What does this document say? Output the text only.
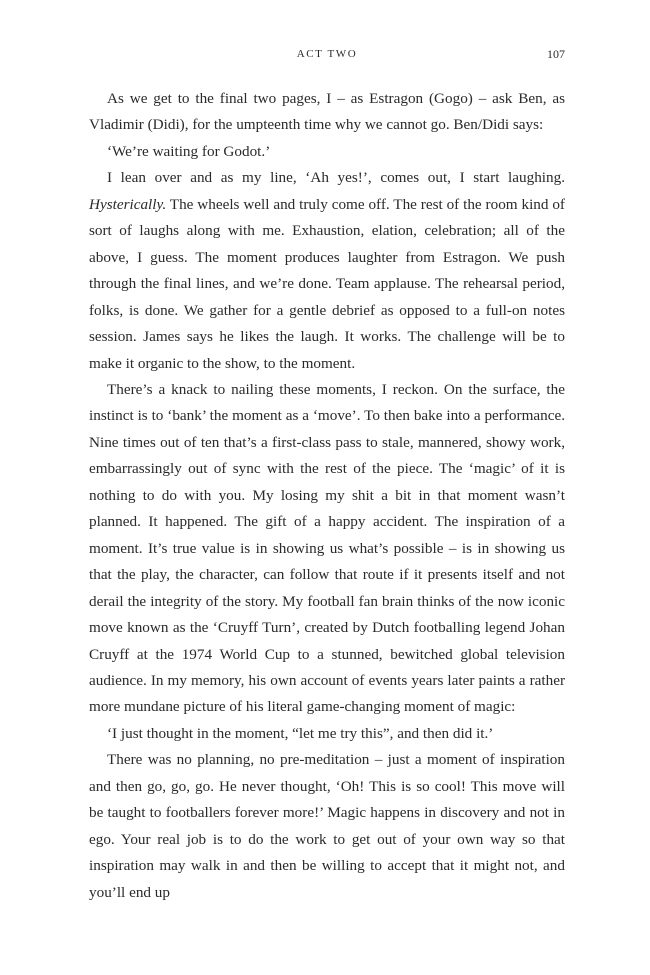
ACT TWO	107

As we get to the final two pages, I – as Estragon (Gogo) – ask Ben, as Vladimir (Didi), for the umpteenth time why we cannot go. Ben/Didi says:

‘We’re waiting for Godot.’

I lean over and as my line, ‘Ah yes!’, comes out, I start laughing. Hysterically. The wheels well and truly come off. The rest of the room kind of sort of laughs along with me. Exhaustion, elation, celebration; all of the above, I guess. The moment produces laughter from Estragon. We push through the final lines, and we’re done. Team applause. The rehearsal period, folks, is done. We gather for a gentle debrief as opposed to a full-on notes session. James says he likes the laugh. It works. The challenge will be to make it organic to the show, to the moment.

There’s a knack to nailing these moments, I reckon. On the surface, the instinct is to ‘bank’ the moment as a ‘move’. To then bake into a performance. Nine times out of ten that’s a first-class pass to stale, mannered, showy work, embarrassingly out of sync with the rest of the piece. The ‘magic’ of it is nothing to do with you. My losing my shit a bit in that moment wasn’t planned. It happened. The gift of a happy accident. The inspiration of a moment. It’s true value is in showing us what’s possible – is in showing us that the play, the character, can follow that route if it presents itself and not derail the integrity of the story. My football fan brain thinks of the now iconic move known as the ‘Cruyff Turn’, created by Dutch footballing legend Johan Cruyff at the 1974 World Cup to a stunned, bewitched global television audience. In my memory, his own account of events years later paints a rather more mundane picture of his literal game-changing moment of magic:

‘I just thought in the moment, “let me try this”, and then did it.’

There was no planning, no pre-meditation – just a moment of inspiration and then go, go, go. He never thought, ‘Oh! This is so cool! This move will be taught to footballers forever more!’ Magic happens in discovery and not in ego. Your real job is to do the work to get out of your own way so that inspiration may walk in and then be willing to accept that it might not, and you’ll end up
